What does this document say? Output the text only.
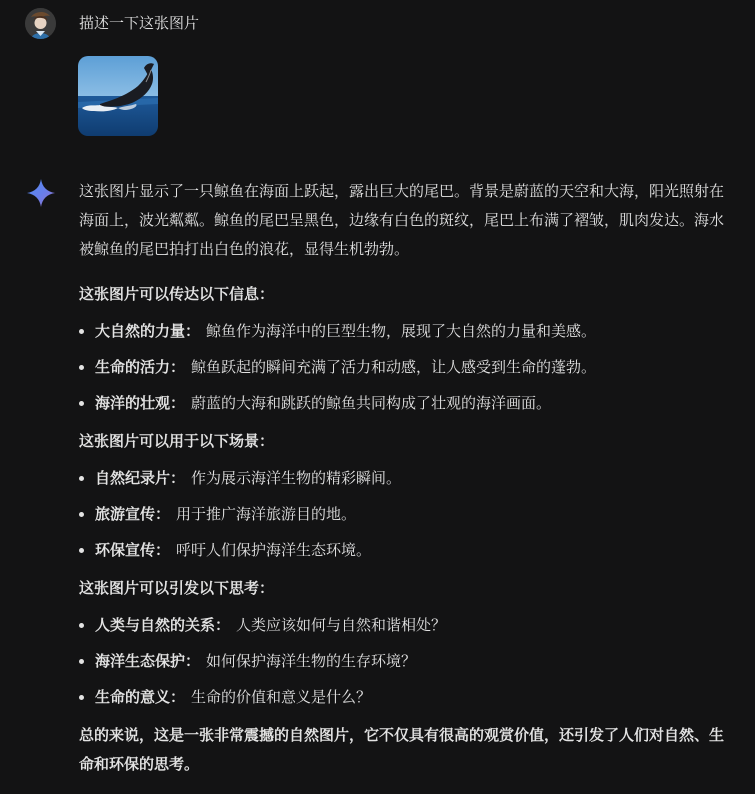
描述一下这张图片

这张图片显示了一只鲸鱼在海面上跃起，露出巨大的尾巴。背景是蔚蓝的天空和大海，阳光照射在海面上，波光粼粼。鲸鱼的尾巴呈黑色，边缘有白色的斑纹，尾巴上布满了褶皱，肌肉发达。海水被鲸鱼的尾巴拍打出白色的浪花，显得生机勃勃。

这张图片可以传达以下信息：

大自然的力量： 鲸鱼作为海洋中的巨型生物，展现了大自然的力量和美感。
生命的活力： 鲸鱼跃起的瞬间充满了活力和动感，让人感受到生命的蓬勃。
海洋的壮观： 蔚蓝的大海和跳跃的鲸鱼共同构成了壮观的海洋画面。

这张图片可以用于以下场景：

自然纪录片： 作为展示海洋生物的精彩瞬间。
旅游宣传： 用于推广海洋旅游目的地。
环保宣传： 呼吁人们保护海洋生态环境。

这张图片可以引发以下思考：

人类与自然的关系： 人类应该如何与自然和谐相处？
海洋生态保护： 如何保护海洋生物的生存环境？
生命的意义： 生命的价值和意义是什么？

总的来说，这是一张非常震撼的自然图片，它不仅具有很高的观赏价值，还引发了人们对自然、生命和环保的思考。
